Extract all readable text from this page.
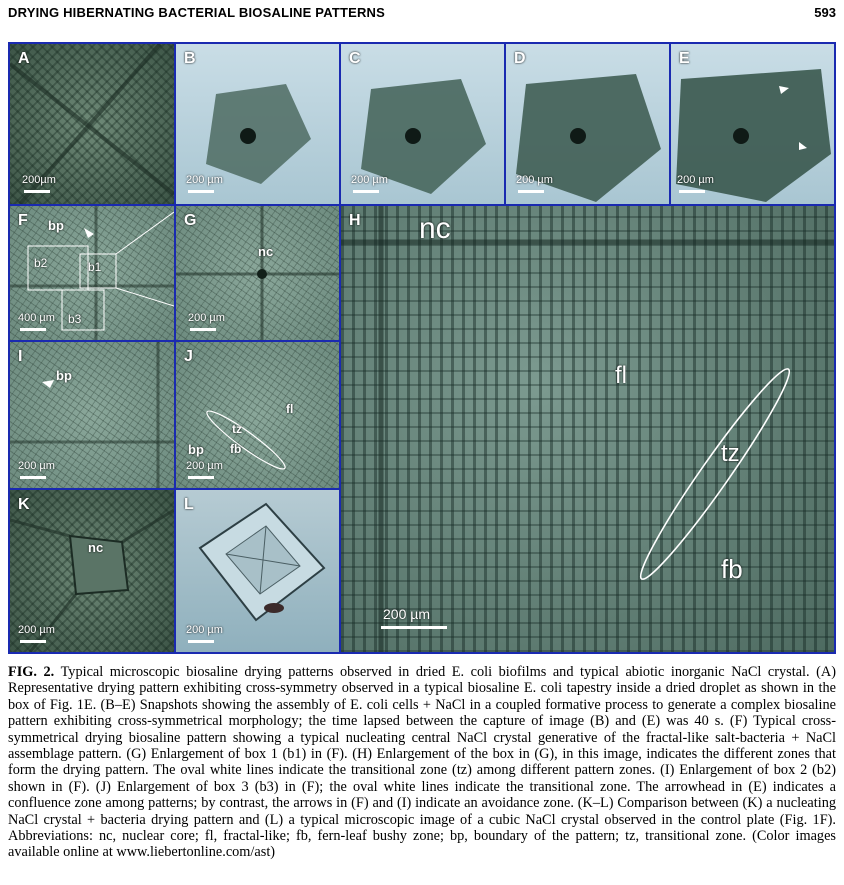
DRYING HIBERNATING BACTERIAL BIOSALINE PATTERNS	593
A
200µm
B
200 µm
C
200 µm
D
200 µm
E
200 µm
F bp
b2	b1
b3
400 µm
G
nc
200 µm
I
bp
200 µm
J
fl
tz
bp fb
200 µm
K
nc
200 µm
L
200 µm
H nc
fl
tz
fb
200 µm
FIG. 2. Typical microscopic biosaline drying patterns observed in dried E. coli biofilms and typical abiotic inorganic NaCl crystal. (A) Representative drying pattern exhibiting cross-symmetry observed in a typical biosaline E. coli tapestry inside a dried droplet as shown in the box of Fig. 1E. (B–E) Snapshots showing the assembly of E. coli cells + NaCl in a coupled formative process to generate a complex biosaline pattern exhibiting cross-symmetrical morphology; the time lapsed between the capture of image (B) and (E) was 40 s. (F) Typical cross-symmetrical drying biosaline pattern showing a typical nucleating central NaCl crystal generative of the fractal-like salt-bacteria + NaCl assemblage pattern. (G) Enlargement of box 1 (b1) in (F). (H) Enlargement of the box in (G), in this image, indicates the different zones that form the drying pattern. The oval white lines indicate the transitional zone (tz) among different pattern zones. (I) Enlargement of box 2 (b2) shown in (F). (J) Enlargement of box 3 (b3) in (F); the oval white lines indicate the transitional zone. The arrowhead in (E) indicates a confluence zone among patterns; by contrast, the arrows in (F) and (I) indicate an avoidance zone. (K–L) Comparison between (K) a nucleating NaCl crystal + bacteria drying pattern and (L) a typical microscopic image of a cubic NaCl crystal observed in the control plate (Fig. 1F). Abbreviations: nc, nuclear core; fl, fractal-like; fb, fern-leaf bushy zone; bp, boundary of the pattern; tz, transitional zone. (Color images available online at www.liebertonline.com/ast)
